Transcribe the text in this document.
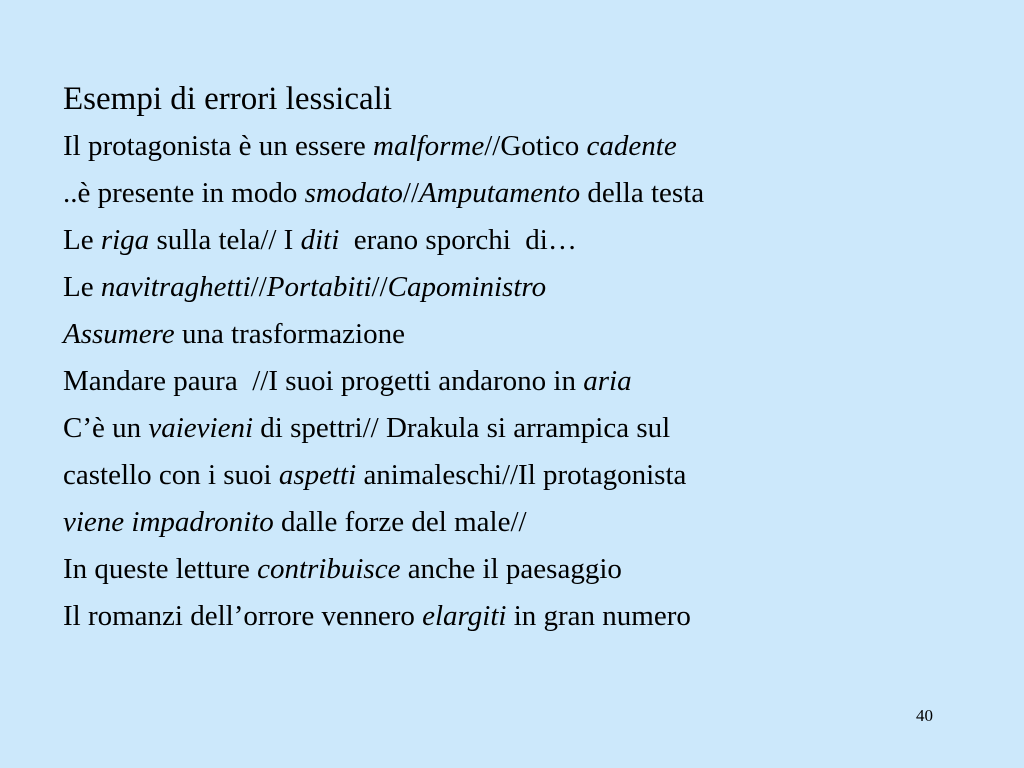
Esempi di errori lessicali
Il protagonista è un essere malforme//Gotico cadente
..è presente in modo smodato//Amputamento della testa
Le riga sulla tela// I diti  erano sporchi  di…
Le navitraghetti//Portabiti//Capoministro
Assumere una trasformazione
Mandare paura  //I suoi progetti andarono in aria
C’è un vaievieni di spettri// Drakula si arrampica sul
castello con i suoi aspetti animaleschi//Il protagonista
viene impadronito dalle forze del male//
In queste letture contribuisce anche il paesaggio
Il romanzi dell’orrore vennero elargiti in gran numero
40
